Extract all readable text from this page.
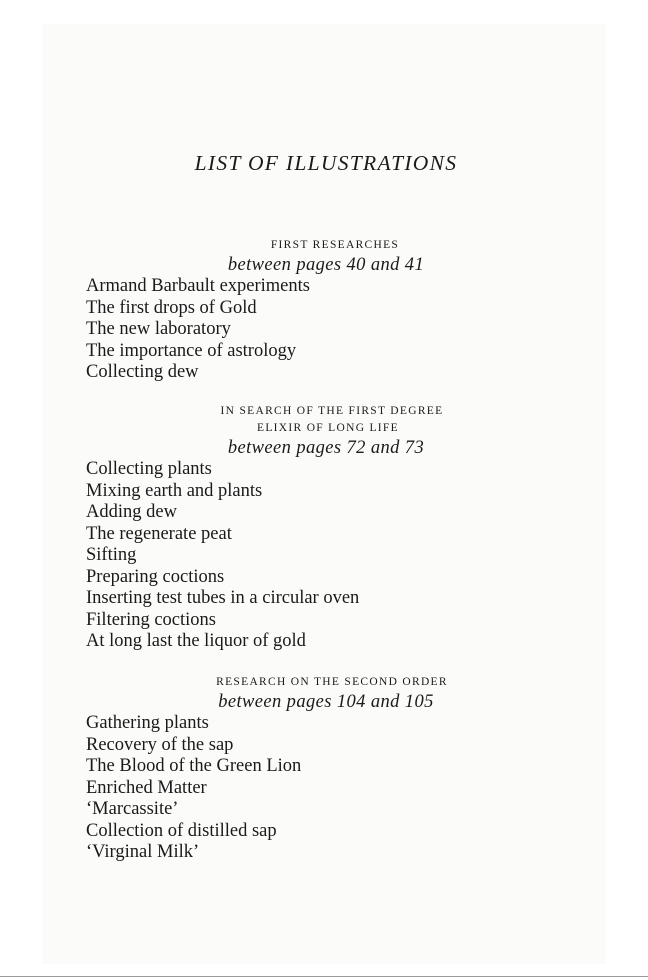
LIST OF ILLUSTRATIONS
FIRST RESEARCHES
between pages 40 and 41
Armand Barbault experiments
The first drops of Gold
The new laboratory
The importance of astrology
Collecting dew
IN SEARCH OF THE FIRST DEGREE
ELIXIR OF LONG LIFE
between pages 72 and 73
Collecting plants
Mixing earth and plants
Adding dew
The regenerate peat
Sifting
Preparing coctions
Inserting test tubes in a circular oven
Filtering coctions
At long last the liquor of gold
RESEARCH ON THE SECOND ORDER
between pages 104 and 105
Gathering plants
Recovery of the sap
The Blood of the Green Lion
Enriched Matter
‘Marcassite’
Collection of distilled sap
‘Virginal Milk’
